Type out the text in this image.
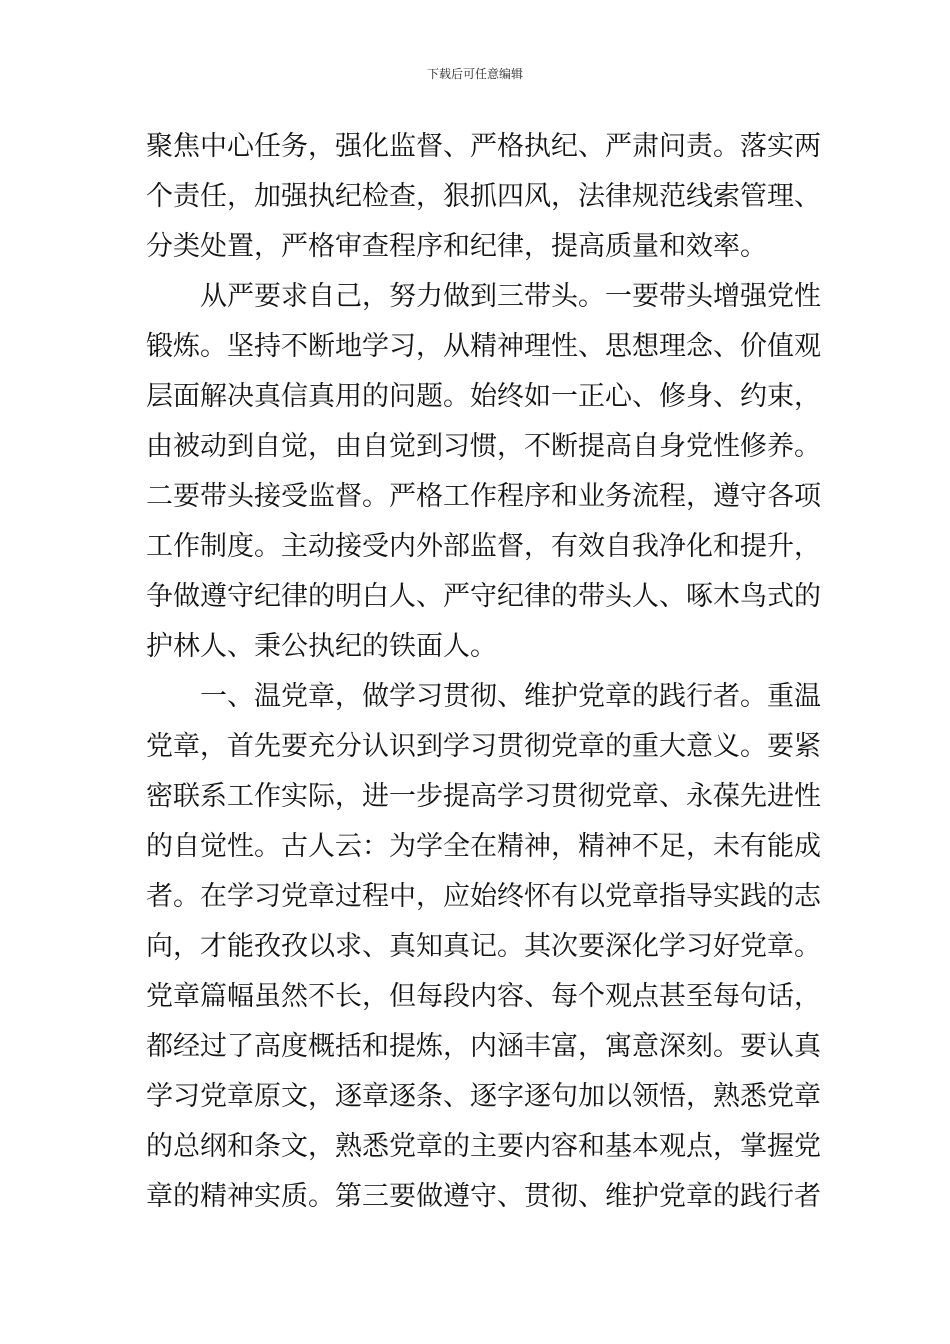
下载后可任意编辑
聚焦中心任务，强化监督、严格执纪、严肃问责。落实两
个责任，加强执纪检查，狠抓四风，法律规范线索管理、
分类处置，严格审查程序和纪律，提高质量和效率。
从严要求自己，努力做到三带头。一要带头增强党性
锻炼。坚持不断地学习，从精神理性、思想理念、价值观
层面解决真信真用的问题。始终如一正心、修身、约束，
由被动到自觉，由自觉到习惯，不断提高自身党性修养。
二要带头接受监督。严格工作程序和业务流程，遵守各项
工作制度。主动接受内外部监督，有效自我净化和提升，
争做遵守纪律的明白人、严守纪律的带头人、啄木鸟式的
护林人、秉公执纪的铁面人。
一、温党章，做学习贯彻、维护党章的践行者。重温
党章，首先要充分认识到学习贯彻党章的重大意义。要紧
密联系工作实际，进一步提高学习贯彻党章、永葆先进性
的自觉性。古人云：为学全在精神，精神不足，未有能成
者。在学习党章过程中，应始终怀有以党章指导实践的志
向，才能孜孜以求、真知真记。其次要深化学习好党章。
党章篇幅虽然不长，但每段内容、每个观点甚至每句话，
都经过了高度概括和提炼，内涵丰富，寓意深刻。要认真
学习党章原文，逐章逐条、逐字逐句加以领悟，熟悉党章
的总纲和条文，熟悉党章的主要内容和基本观点，掌握党
章的精神实质。第三要做遵守、贯彻、维护党章的践行者
